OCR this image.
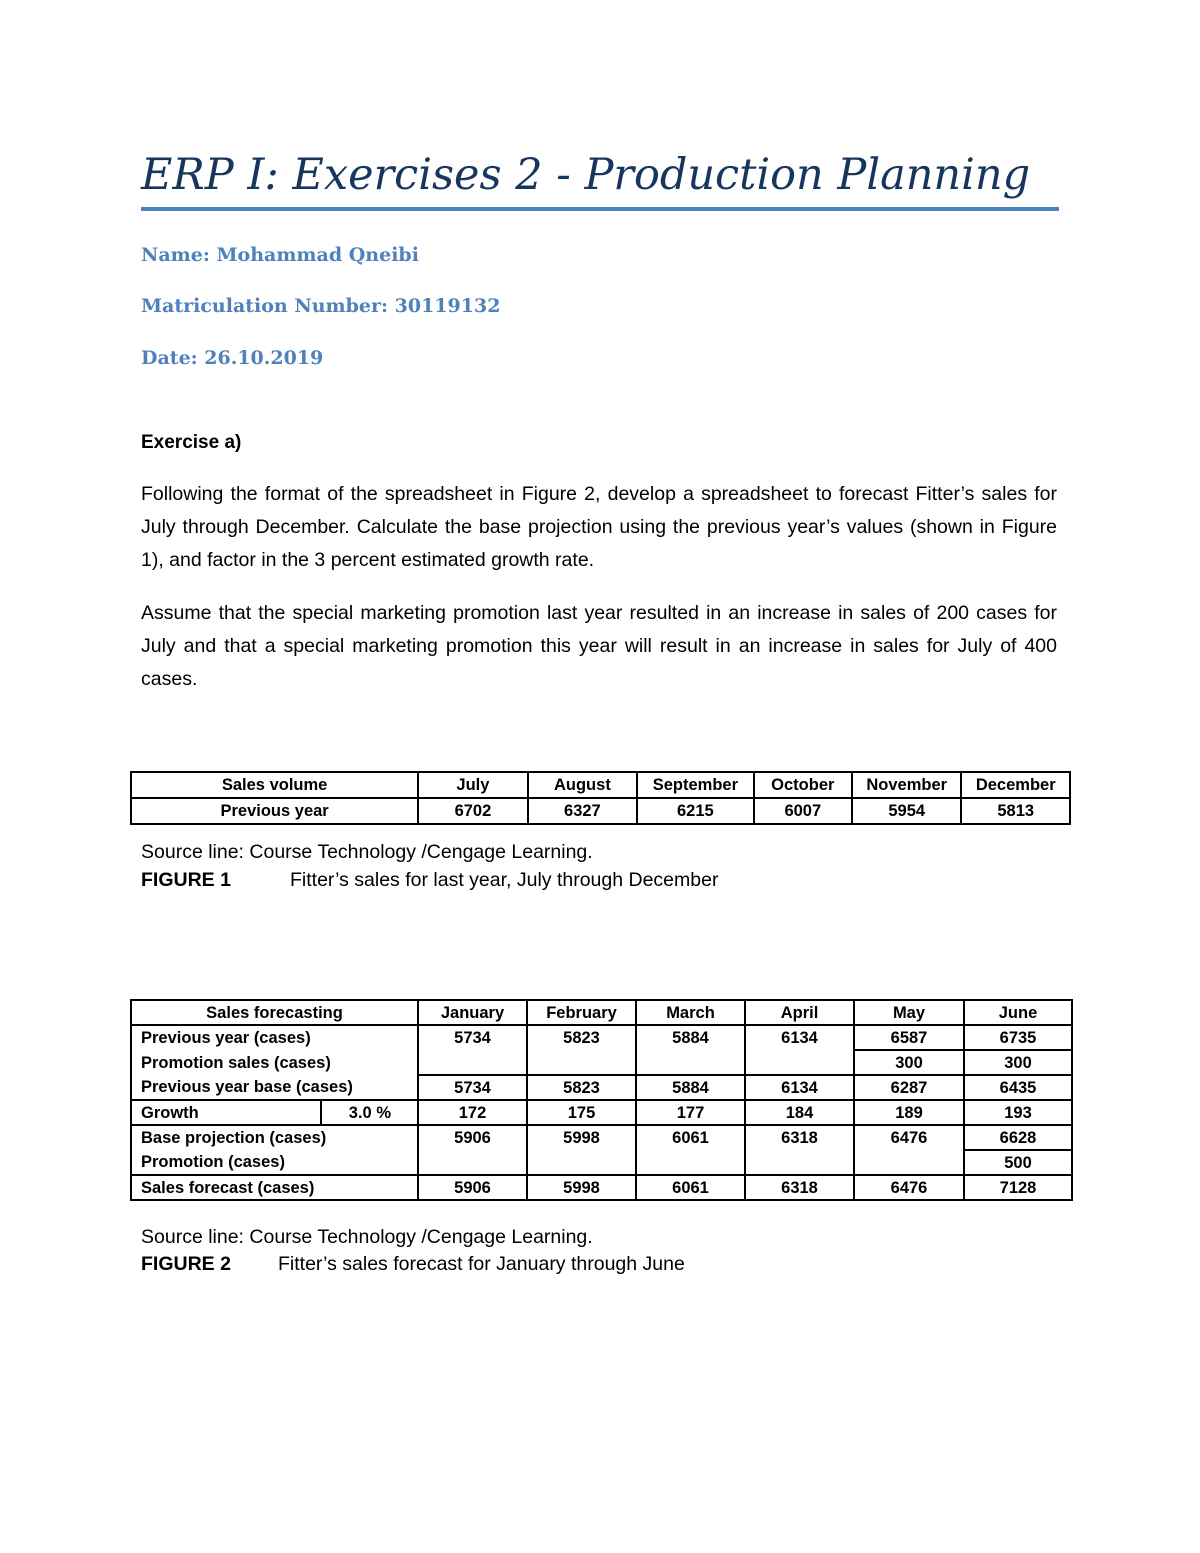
ERP I: Exercises 2 - Production Planning
Name: Mohammad Qneibi
Matriculation Number: 30119132
Date: 26.10.2019
Exercise a)
Following the format of the spreadsheet in Figure 2, develop a spreadsheet to forecast Fitter’s sales for July through December. Calculate the base projection using the previous year’s values (shown in Figure 1), and factor in the 3 percent estimated growth rate.
Assume that the special marketing promotion last year resulted in an increase in sales of 200 cases for July and that a special marketing promotion this year will result in an increase in sales for July of 400 cases.
Sales volume	July	August	September	October	November	December
Previous year	6702	6327	6215	6007	5954	5813
Source line: Course Technology /Cengage Learning.
FIGURE 1	Fitter’s sales for last year, July through December
Sales forecasting		January	February	March	April	May	June
Previous year (cases)		5734	5823	5884	6134	6587	6735
Promotion sales (cases)						300	300
Previous year base (cases)		5734	5823	5884	6134	6287	6435
Growth	3.0 %	172	175	177	184	189	193
Base projection (cases)		5906	5998	6061	6318	6476	6628
Promotion (cases)							500
Sales forecast (cases)		5906	5998	6061	6318	6476	7128
Source line: Course Technology /Cengage Learning.
FIGURE 2 Fitter’s sales forecast for January through June
